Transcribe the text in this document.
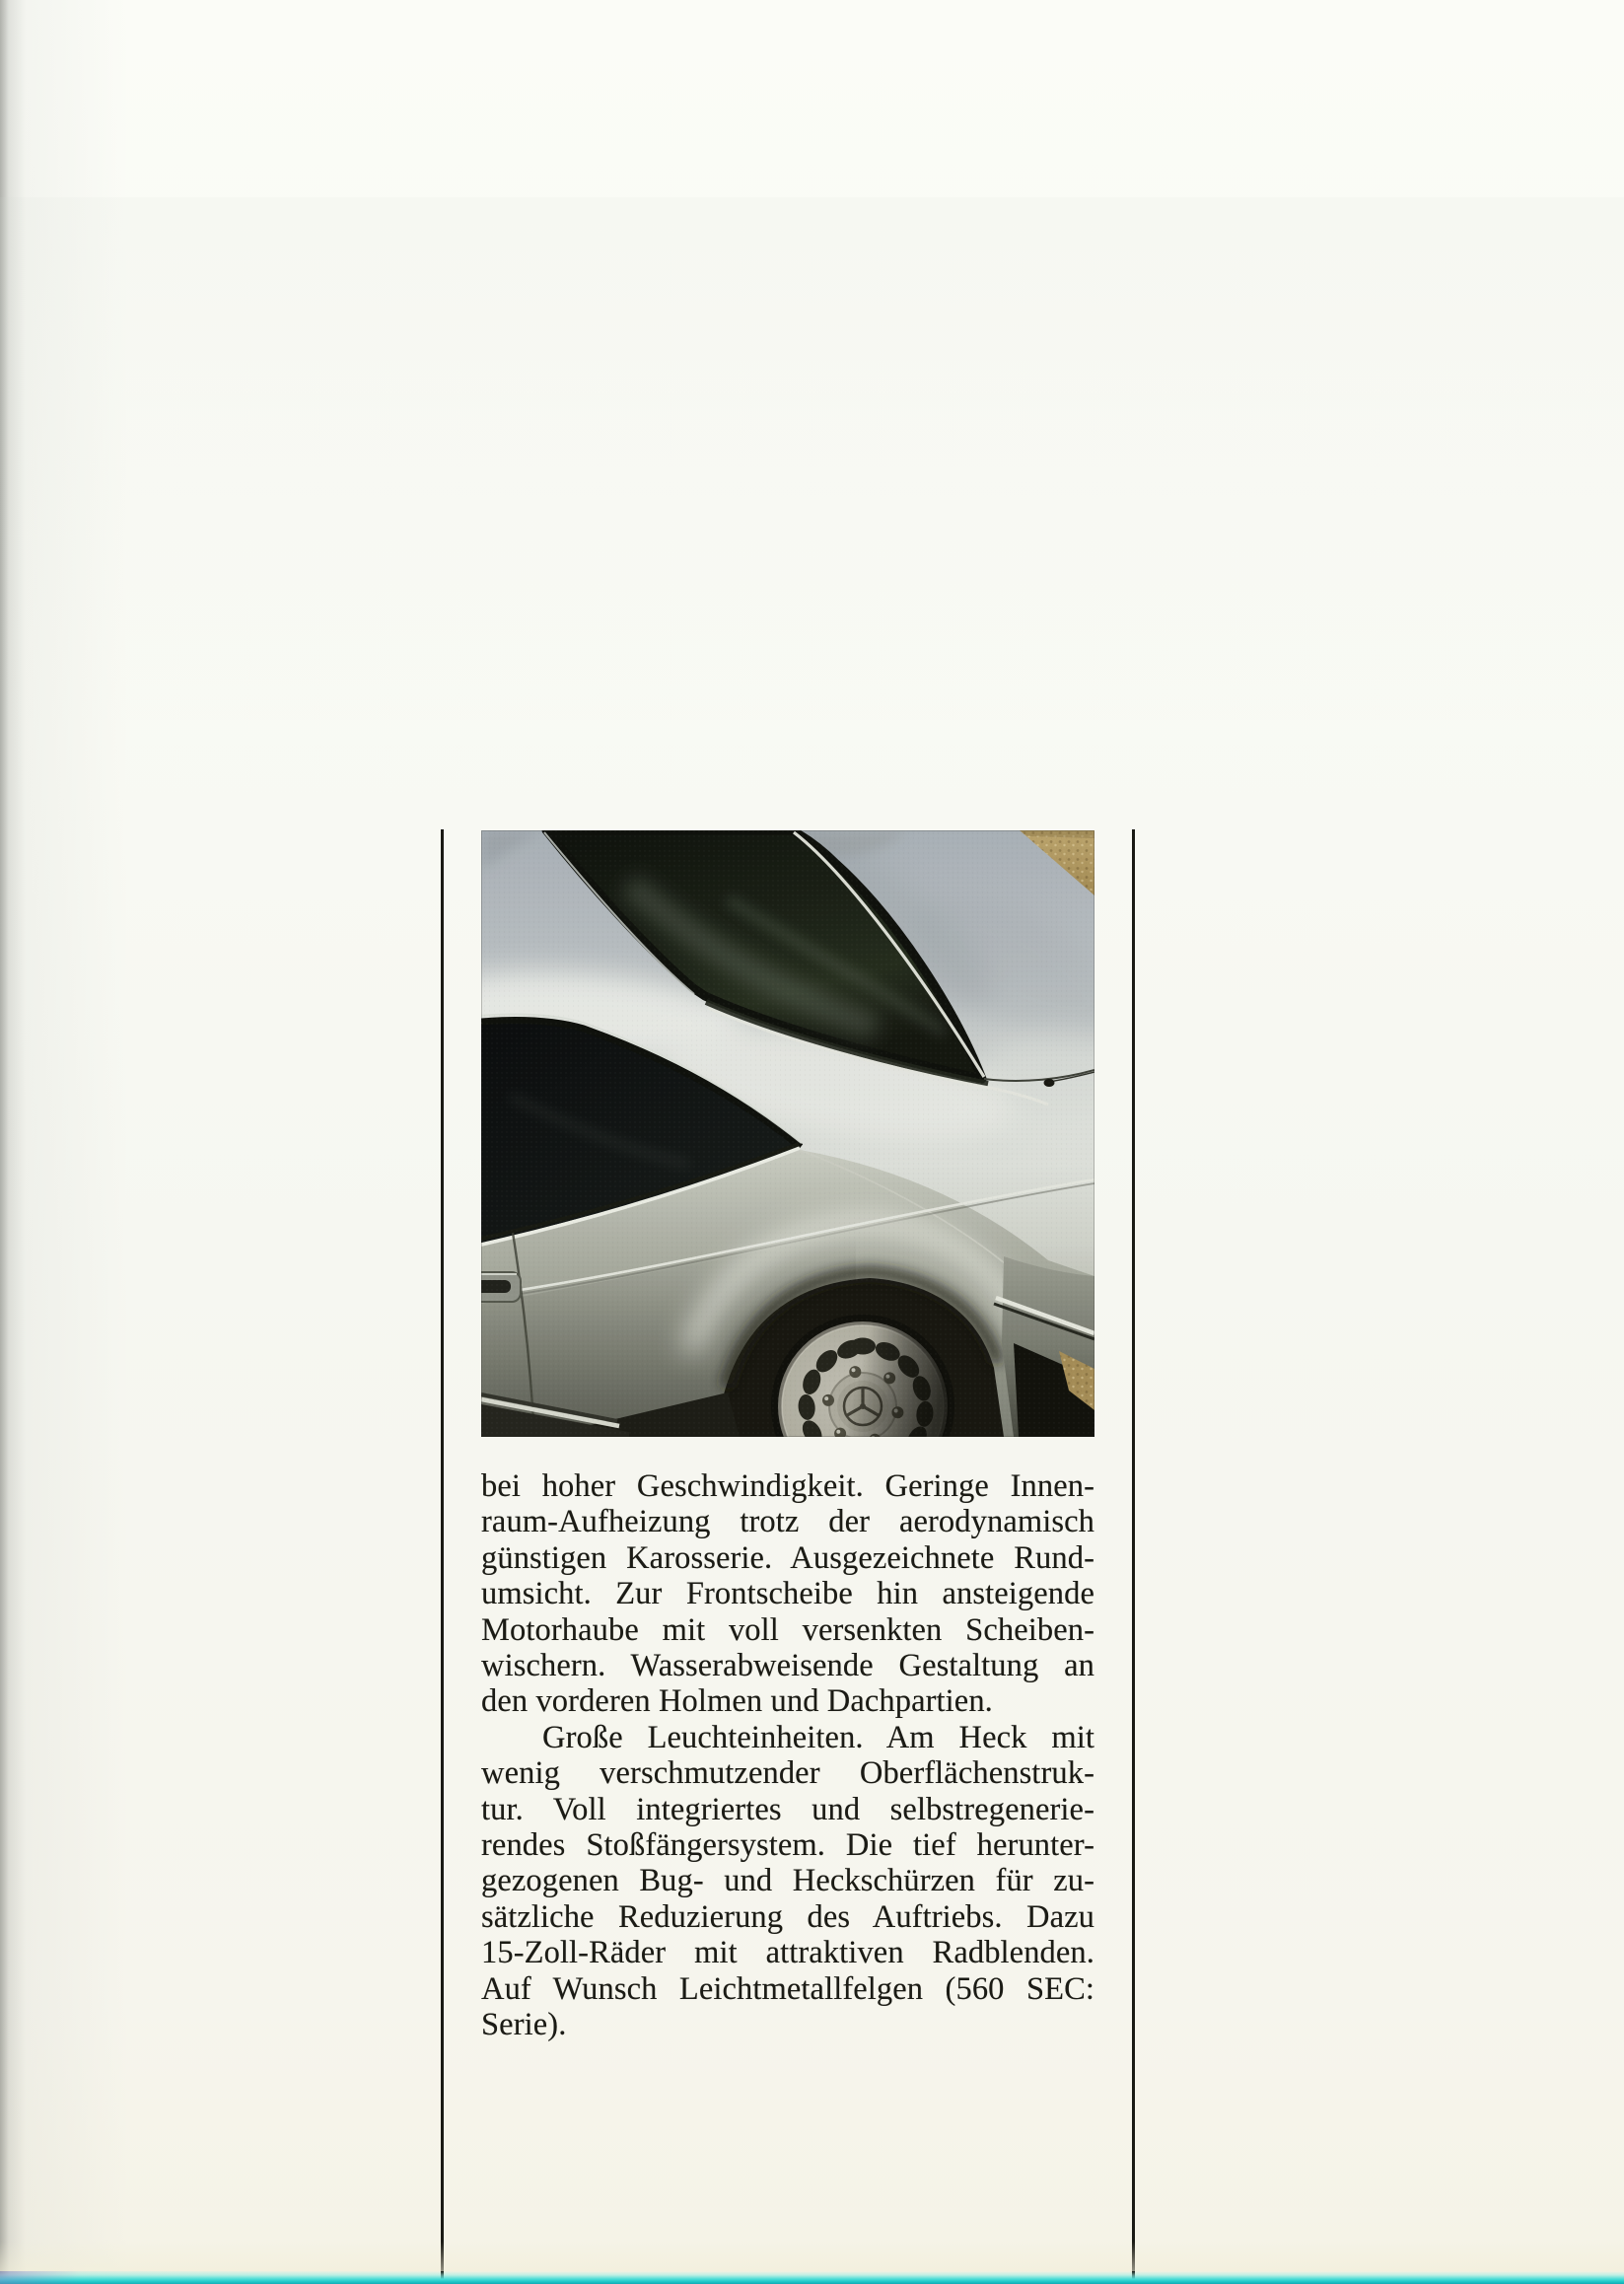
bei hoher Geschwindigkeit. Geringe Innen-
raum-Aufheizung trotz der aerodynamisch
günstigen Karosserie. Ausgezeichnete Rund-
umsicht. Zur Frontscheibe hin ansteigende
Motorhaube mit voll versenkten Scheiben-
wischern. Wasserabweisende Gestaltung an
den vorderen Holmen und Dachpartien.
Große Leuchteinheiten. Am Heck mit
wenig verschmutzender Oberflächenstruk-
tur. Voll integriertes und selbstregenerie-
rendes Stoßfängersystem. Die tief herunter-
gezogenen Bug- und Heckschürzen für zu-
sätzliche Reduzierung des Auftriebs. Dazu
15-Zoll-Räder mit attraktiven Radblenden.
Auf Wunsch Leichtmetallfelgen (560 SEC:
Serie).
